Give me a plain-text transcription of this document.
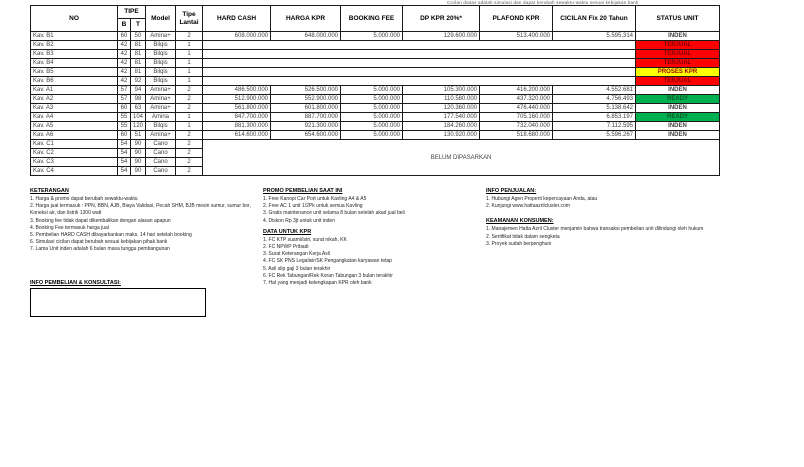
Cicilan diatas adalah simulasi dan dapat berubah sewaktu-waktu sesuai kebijakan bank
NO	TIPE		Model	Tipe
Lantai	HARD CASH	HARGA KPR	BOOKING FEE	DP KPR 20%*	PLAFOND KPR	CICILAN Fix 20 Tahun	STATUS UNIT
	B	T									
Kav. B1	60	50	Amina+	2	608.000.000	648.000.000	5.000.000	129.600.000	513.400.000	5.595.314	INDEN
Kav. B2	42	81	Bilqis	1							TERJUAL
Kav. B3	42	81	Bilqis	1							TERJUAL
Kav. B4	42	81	Bilqis	1							TERJUAL
Kav. B5	42	81	Bilqis	1							PROSES KPR
Kav. B6	42	92	Bilqis	1							TERJUAL
Kav. A1	57	94	Amina+	2	486.500.000	526.500.000	5.000.000	105.300.000	416.200.000	4.552.681	INDEN
Kav. A2	57	98	Amina+	2	512.900.000	552.900.000	5.000.000	110.580.000	437.320.000	4.756.493	READY
Kav. A3	60	63	Amina+	2	561.800.000	601.800.000	5.000.000	120.360.000	476.440.000	5.138.642	INDEN
Kav. A4	55	104	Amina	1	847.700.000	887.700.000	5.000.000	177.540.000	705.160.000	6.853.197	READY
Kav. A5	55	120	Bilqis	1	881.300.000	921.300.000	5.000.000	184.260.000	732.040.000	7.112.595	INDEN
Kav. A6	60	51	Amina+	2	614.600.000	654.600.000	5.000.000	130.920.000	518.680.000	5.596.267	INDEN
Kav. C1	54	90	Cano	2	BELUM DIPASARKAN						
Kav. C2	54	90	Cano	2							
Kav. C3	54	90	Cano	2							
Kav. C4	54	90	Cano	2							
KETERANGAN
1. Harga & promo dapat berubah sewaktu-waktu
2. Harga jual termasuk : PPN, BBN, AJB, Biaya Validasi, Pecah SHM, BJB mesin sumur, sumur bor, Koneksi air, dan listrik 1300 watt
3. Booking fee tidak dapat dikembalikan dengan alasan apapun
4. Booking Fee termasuk harga jual
5. Pembelian HARD CASH dibayarkankan maks. 14 hari setelah booking
6. Simulasi cicilan dapat berubah sesuai kebijakan pihak bank
7. Lama Unit inden adalah 6 bulan masa tunggu pembangunan
PROMO PEMBELIAN SAAT INI
1. Free Kanopi Car Port untuk Kavling A4 & A5
2. Free AC 1 unit 1/2Pk untuk semua Kavling
3. Gratis maintenance unit selama 8 bulan setelah akad jual beli
4. Diskon Rp 3jt untuk unit inden
DATA UNTUK KPR
1. FC KTP suami/istri, surat nikah, KK
2. FC NPWP Pribadi
3. Surat Keterangan Kerja Asli
4. FC SK PNS Legalisir/SK Pengangkatan karyawan tetap
5. Asli slip gaji 3 bulan terakhir
6. FC Rek Tabungan/Rek Koran Tabungan 3 bulan terakhir
7. Hal yang menjadi kelengkapan KPR oleh bank
INFO PENJUALAN:
1. Hubungi Agen Properti kepercayaan Anda, atau
2. Kunjungi www.hattaazrilcluster.com
KEAMANAN KONSUMEN:
1. Manajemen Hatta Azril Cluster menjamin bahwa transaksi pembelian unit dilindungi oleh hukum
2. Sertifikat tidak dalam sengketa
3. Proyek sudah berpenghuni
INFO PEMBELIAN & KONSULTASI:
